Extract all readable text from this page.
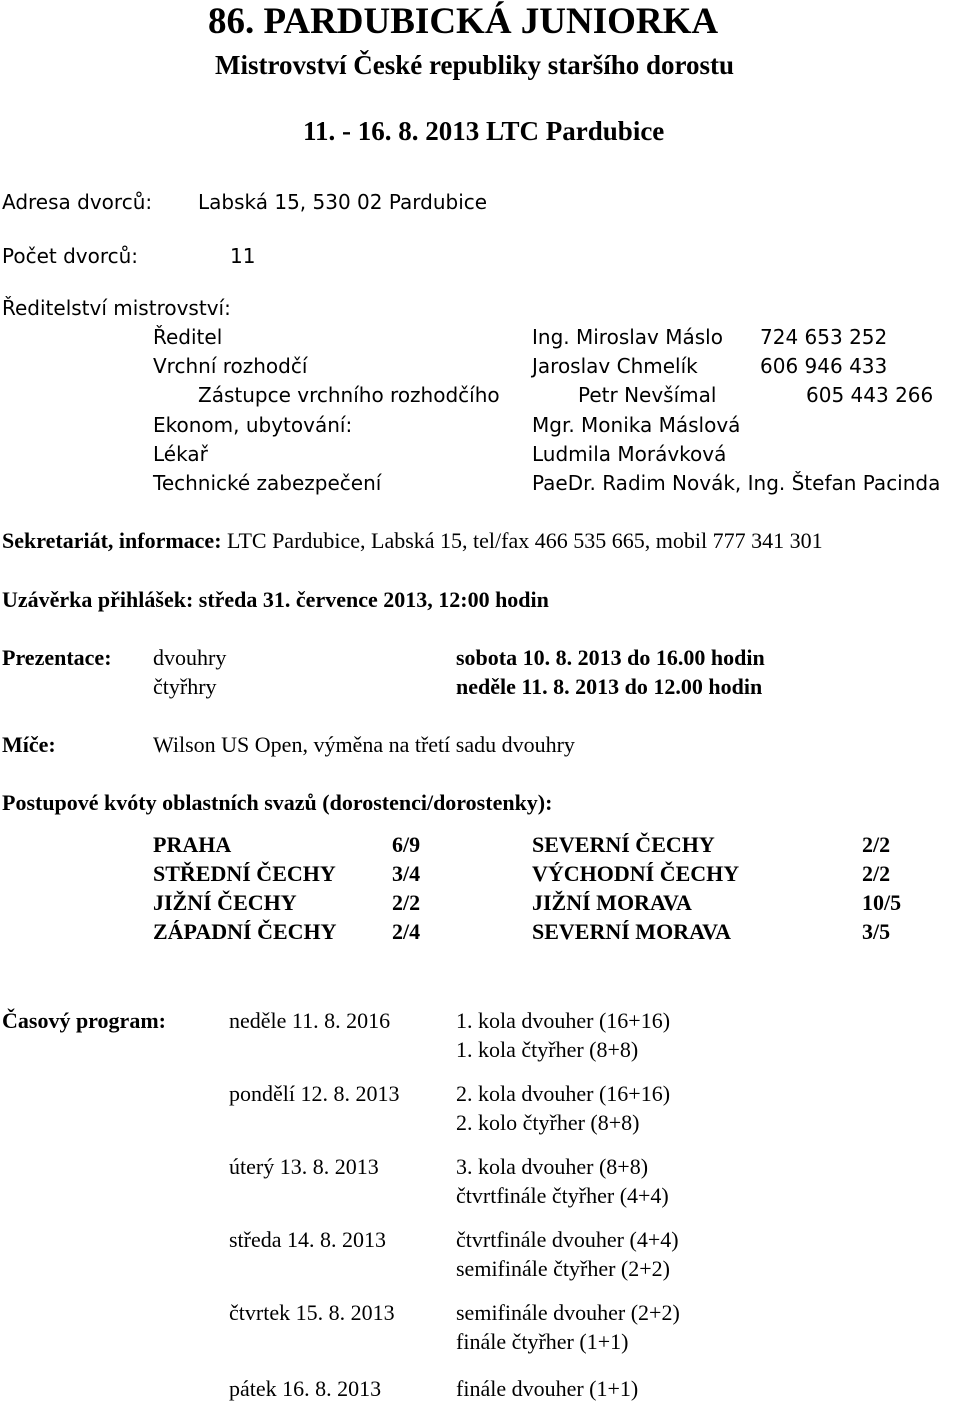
86. PARDUBICKÁ JUNIORKA
Mistrovství České republiky staršího dorostu
11. - 16. 8. 2013 LTC Pardubice
Adresa dvorců: Labská 15, 530 02 Pardubice
Počet dvorců:	11
Ředitelství mistrovství:
Ředitel	Ing. Miroslav Máslo 724 653 252
Vrchní rozhodčí	Jaroslav Chmelík	606 946 433
Zástupce vrchního rozhodčího	Petr Nevšímal	605 443 266
Ekonom, ubytování:	Mgr. Monika Máslová
Lékař	Ludmila Morávková
Technické zabezpečení	PaeDr. Radim Novák, Ing. Štefan Pacinda
Sekretariát, informace: LTC Pardubice, Labská 15, tel/fax 466 535 665, mobil 777 341 301
Uzávěrka přihlášek: středa 31. července 2013, 12:00 hodin
Prezentace: dvouhry	sobota 10. 8. 2013 do 16.00 hodin
čtyřhry	neděle 11. 8. 2013 do 12.00 hodin
Míče:	Wilson US Open, výměna na třetí sadu dvouhry
Postupové kvóty oblastních svazů (dorostenci/dorostenky):
PRAHA	6/9	SEVERNÍ ČECHY	2/2
STŘEDNÍ ČECHY	3/4	VÝCHODNÍ ČECHY	2/2
JIŽNÍ ČECHY	2/2	JIŽNÍ MORAVA	10/5
ZÁPADNÍ ČECHY	2/4	SEVERNÍ MORAVA	3/5
Časový program:	neděle 11. 8. 2016	1. kola dvouher (16+16)
1. kola čtyřher (8+8)
pondělí 12. 8. 2013	2. kola dvouher (16+16)
2. kolo čtyřher (8+8)
úterý 13. 8. 2013	3. kola dvouher (8+8)
čtvrtfinále čtyřher (4+4)
středa 14. 8. 2013	čtvrtfinále dvouher (4+4)
semifinále čtyřher (2+2)
čtvrtek 15. 8. 2013	semifinále dvouher (2+2)
finále čtyřher (1+1)
pátek 16. 8. 2013	finále dvouher (1+1)
